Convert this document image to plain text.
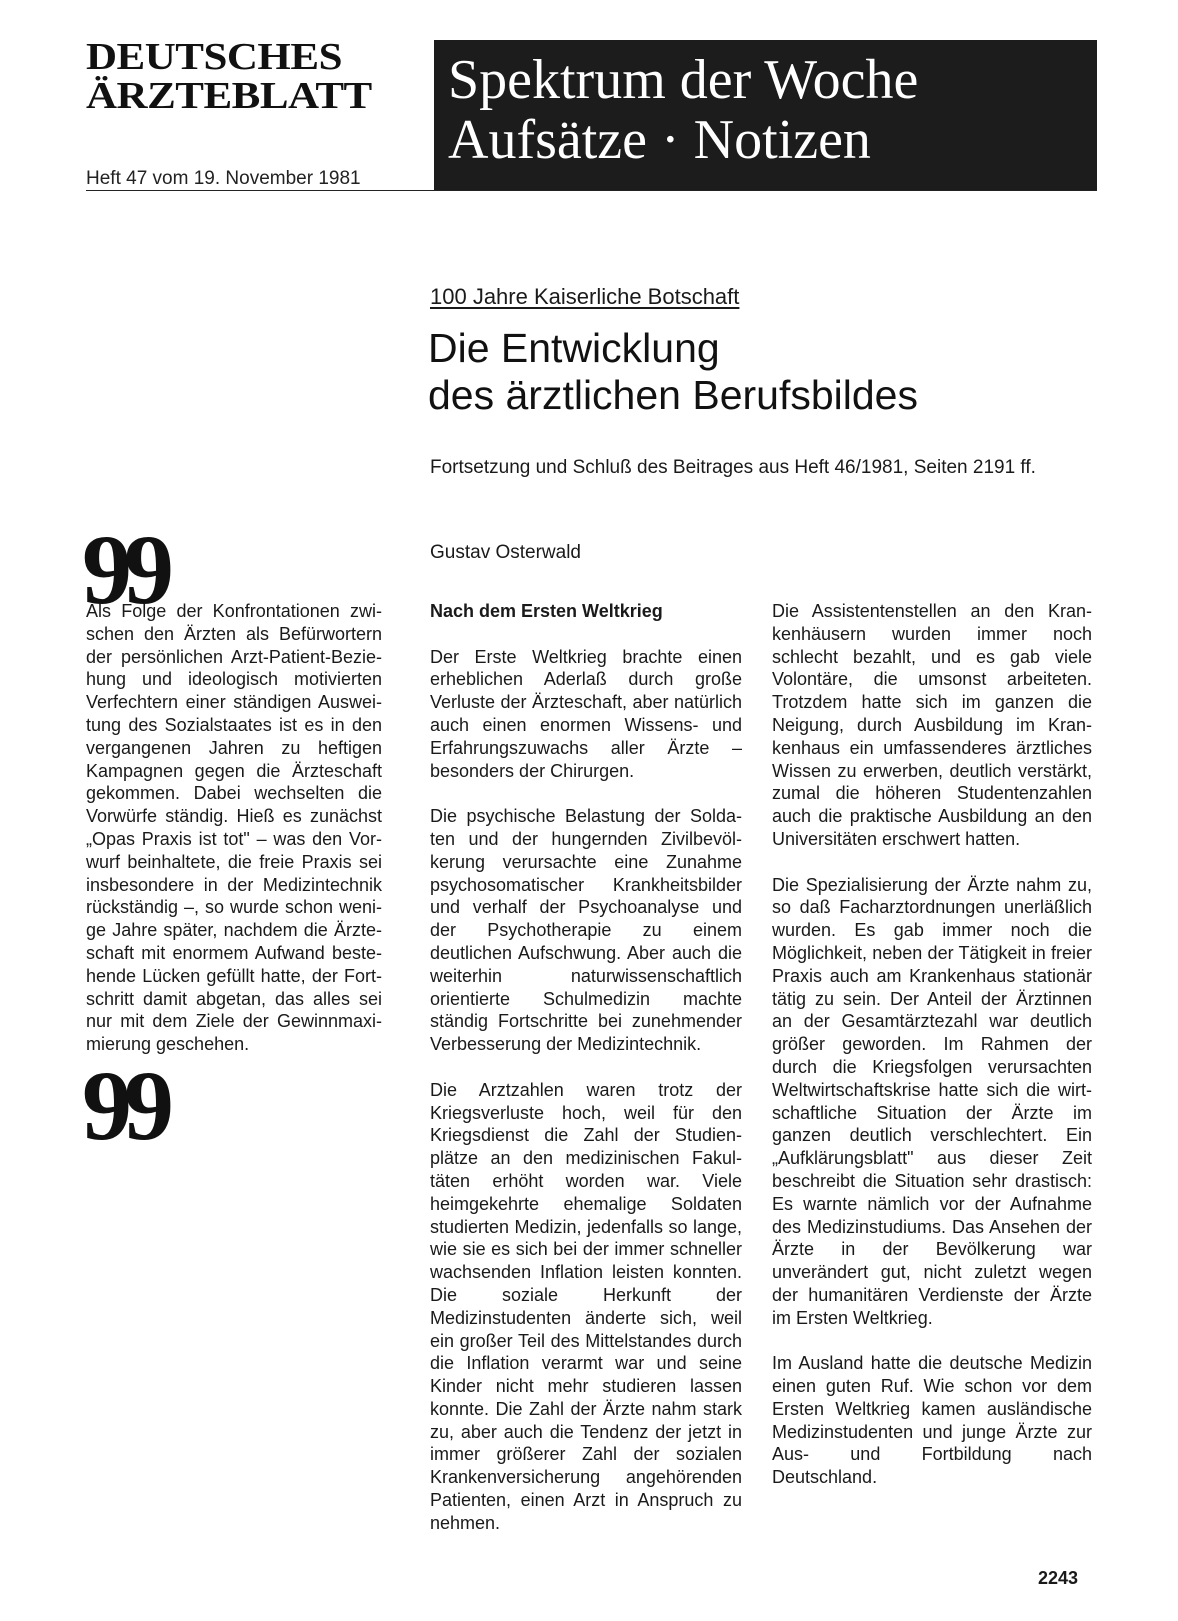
DEUTSCHES
ÄRZTEBLATT
Heft 47 vom 19. November 1981
Spektrum der Woche
Aufsätze · Notizen
100 Jahre Kaiserliche Botschaft
Die Entwicklung
des ärztlichen Berufsbildes
Fortsetzung und Schluß des Beitrages aus Heft 46/1981, Seiten 2191 ff.
Gustav Osterwald
99

Als Folge der Konfrontationen zwischen den Ärzten als Befürwortern der persönlichen Arzt-Patient-Beziehung und ideologisch motivierten Verfechtern einer ständigen Ausweitung des Sozialstaates ist es in den vergangenen Jahren zu heftigen Kampagnen gegen die Ärzteschaft gekommen. Dabei wechselten die Vorwürfe ständig. Hieß es zunächst „Opas Praxis ist tot" – was den Vorwurf beinhaltete, die freie Praxis sei insbesondere in der Medizintechnik rückständig –, so wurde schon wenige Jahre später, nachdem die Ärzteschaft mit enormem Aufwand bestehende Lücken gefüllt hatte, der Fortschritt damit abgetan, das alles sei nur mit dem Ziele der Gewinnmaximierung geschehen.

99
Nach dem Ersten Weltkrieg

Der Erste Weltkrieg brachte einen erheblichen Aderlaß durch große Verluste der Ärzteschaft, aber natürlich auch einen enormen Wissens- und Erfahrungszuwachs aller Ärzte – besonders der Chirurgen.

Die psychische Belastung der Soldaten und der hungernden Zivilbevölkerung verursachte eine Zunahme psychosomatischer Krankheitsbilder und verhalf der Psychoanalyse und der Psychotherapie zu einem deutlichen Aufschwung. Aber auch die weiterhin naturwissenschaftlich orientierte Schulmedizin machte ständig Fortschritte bei zunehmender Verbesserung der Medizintechnik.

Die Arztzahlen waren trotz der Kriegsverluste hoch, weil für den Kriegsdienst die Zahl der Studienplätze an den medizinischen Fakultäten erhöht worden war. Viele heimgekehrte ehemalige Soldaten studierten Medizin, jedenfalls so lange, wie sie es sich bei der immer schneller wachsenden Inflation leisten konnten. Die soziale Herkunft der Medizinstudenten änderte sich, weil ein großer Teil des Mittelstandes durch die Inflation verarmt war und seine Kinder nicht mehr studieren lassen konnte. Die Zahl der Ärzte nahm stark zu, aber auch die Tendenz der jetzt in immer größerer Zahl der sozialen Krankenversicherung angehörenden Patienten, einen Arzt in Anspruch zu nehmen.

Die Assistentenstellen an den Krankenhäusern wurden immer noch schlecht bezahlt, und es gab viele Volontäre, die umsonst arbeiteten. Trotzdem hatte sich im ganzen die Neigung, durch Ausbildung im Krankenhaus ein umfassenderes ärztliches Wissen zu erwerben, deutlich verstärkt, zumal die höheren Studentenzahlen auch die praktische Ausbildung an den Universitäten erschwert hatten.

Die Spezialisierung der Ärzte nahm zu, so daß Facharztordnungen unerläßlich wurden. Es gab immer noch die Möglichkeit, neben der Tätigkeit in freier Praxis auch am Krankenhaus stationär tätig zu sein. Der Anteil der Ärztinnen an der Gesamtärztezahl war deutlich größer geworden. Im Rahmen der durch die Kriegsfolgen verursachten Weltwirtschaftskrise hatte sich die wirtschaftliche Situation der Ärzte im ganzen deutlich verschlechtert. Ein „Aufklärungsblatt" aus dieser Zeit beschreibt die Situation sehr drastisch: Es warnte nämlich vor der Aufnahme des Medizinstudiums. Das Ansehen der Ärzte in der Bevölkerung war unverändert gut, nicht zuletzt wegen der humanitären Verdienste der Ärzte im Ersten Weltkrieg.

Im Ausland hatte die deutsche Medizin einen guten Ruf. Wie schon vor dem Ersten Weltkrieg kamen ausländische Medizinstudenten und junge Ärzte zur Aus- und Fortbildung nach Deutschland.

2243
